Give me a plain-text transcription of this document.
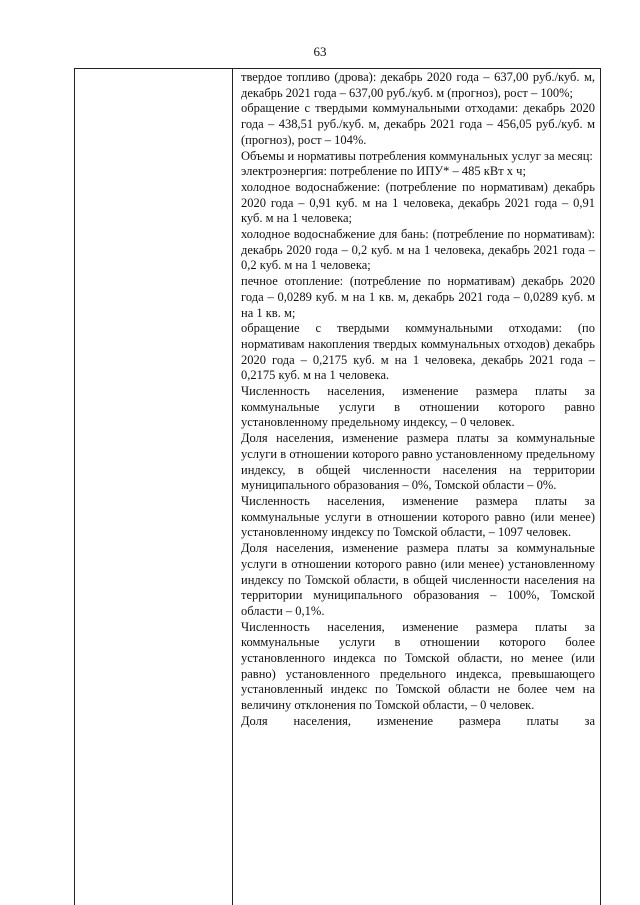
63

твердое топливо (дрова): декабрь 2020 года – 637,00 руб./куб. м, декабрь 2021 года – 637,00 руб./куб. м (прогноз), рост – 100%;

обращение с твердыми коммунальными отходами: декабрь 2020 года – 438,51 руб./куб. м, декабрь 2021 года – 456,05 руб./куб. м (прогноз), рост – 104%.

Объемы и нормативы потребления коммунальных услуг за месяц:

электроэнергия: потребление по ИПУ* – 485 кВт х ч;

холодное водоснабжение: (потребление по нормативам) декабрь 2020 года – 0,91 куб. м на 1 человека, декабрь 2021 года – 0,91 куб. м на 1 человека;

холодное водоснабжение для бань: (потребление по нормативам): декабрь 2020 года – 0,2 куб. м на 1 человека, декабрь 2021 года – 0,2 куб. м на 1 человека;

печное отопление: (потребление по нормативам) декабрь 2020 года – 0,0289 куб. м на 1 кв. м, декабрь 2021 года – 0,0289 куб. м на 1 кв. м;

обращение с твердыми коммунальными отходами: (по нормативам накопления твердых коммунальных отходов) декабрь 2020 года – 0,2175 куб. м на 1 человека, декабрь 2021 года – 0,2175 куб. м на 1 человека.

Численность населения, изменение размера платы за коммунальные услуги в отношении которого равно установленному предельному индексу, – 0 человек.

Доля населения, изменение размера платы за коммунальные услуги в отношении которого равно установленному предельному индексу, в общей численности населения на территории муниципального образования – 0%, Томской области – 0%.

Численность населения, изменение размера платы за коммунальные услуги в отношении которого равно (или менее) установленному индексу по Томской области, – 1097 человек.

Доля населения, изменение размера платы за коммунальные услуги в отношении которого равно (или менее) установленному индексу по Томской области, в общей численности населения на территории муниципального образования – 100%, Томской области – 0,1%.

Численность населения, изменение размера платы за коммунальные услуги в отношении которого более установленного индекса по Томской области, но менее (или равно) установленного предельного индекса, превышающего установленный индекс по Томской области не более чем на величину отклонения по Томской области, – 0 человек.

Доля населения, изменение размера платы за
